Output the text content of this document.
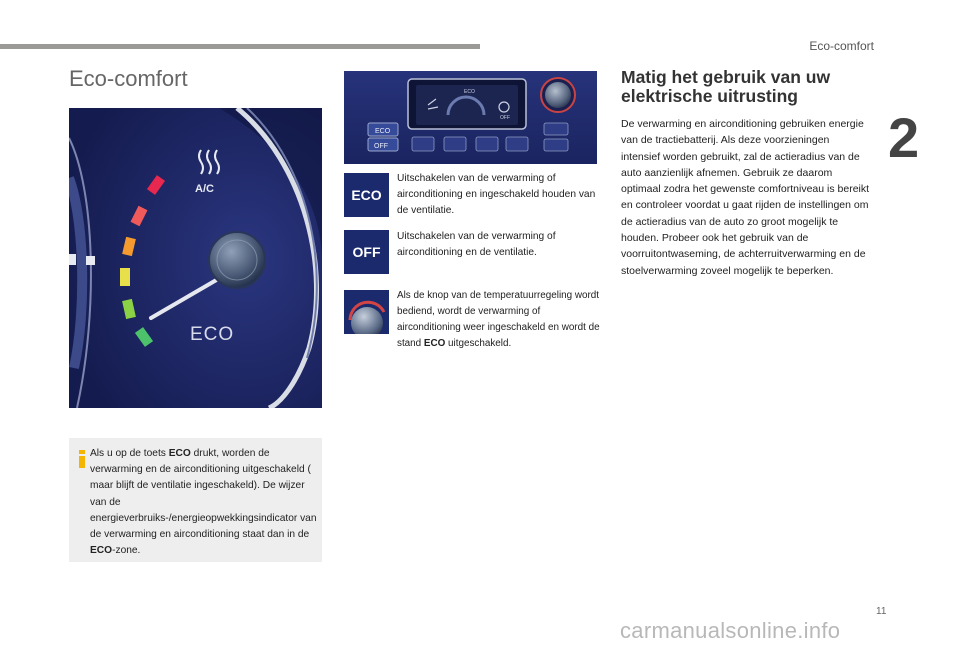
Eco-comfort
2
Eco-comfort
A/C
2
ECO
Als u op de toets ECO drukt, worden de verwarming en de airconditioning uitgeschakeld ( maar blijft de ventilatie ingeschakeld). De wijzer van de energieverbruiks-/energieopwekkingsindicator van de verwarming en airconditioning staat dan in de ECO-zone.
ECO
OFF
ECO
OFF
ECO

Uitschakelen van de verwarming of airconditioning en ingeschakeld houden van de ventilatie.

OFF

Uitschakelen van de verwarming of airconditioning en de ventilatie.

Als de knop van de temperatuurregeling wordt bediend, wordt de verwarming of airconditioning weer ingeschakeld en wordt de stand ECO uitgeschakeld.

Matig het gebruik van uw elektrische uitrusting

De verwarming en airconditioning gebruiken energie van de tractiebatterij. Als deze voorzieningen intensief worden gebruikt, zal de actieradius van de auto aanzienlijk afnemen. Gebruik ze daarom optimaal zodra het gewenste comfortniveau is bereikt en controleer voordat u gaat rijden de instellingen om de actieradius van de auto zo groot mogelijk te houden. Probeer ook het gebruik van de voorruitontwaseming, de achterruitverwarming en de stoelverwarming zoveel mogelijk te beperken.

11
carmanualsonline.info
